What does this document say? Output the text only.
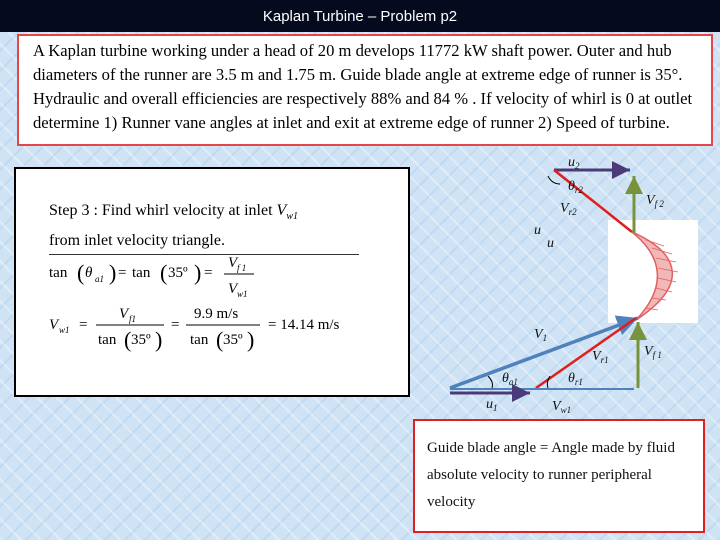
Kaplan Turbine – Problem p2
A Kaplan turbine working under a head of 20 m develops 11772 kW shaft power. Outer and hub diameters of the runner are 3.5 m and 1.75 m. Guide blade angle at extreme edge of runner is 35°. Hydraulic and overall efficiencies are respectively 88% and 84 % . If velocity of whirl is 0 at outlet determine 1) Runner vane angles at inlet and exit at extreme edge of runner 2) Speed of turbine.
Step 3 : Find whirl velocity at inlet $V_{w1}$
from inlet velocity triangle.
tan ( θ a1 ) = tan ( 35º ) =
V f 1
V w1
V w1 =
V f1
tan ( 35º )
=
9.9 m/s
tan ( 35º )
= 14.14 m/s
$u_2$
$\theta_{r2}$
$V_{r2}$
$V_{f 2}$
u
u
$V_1$
$V_{r1}$
$V_{f 1}$
$\theta_{a1}$	$\theta_{r1}$
$u_1$	$V_{w1}$
Guide blade angle = Angle made by fluid absolute velocity to runner peripheral velocity
